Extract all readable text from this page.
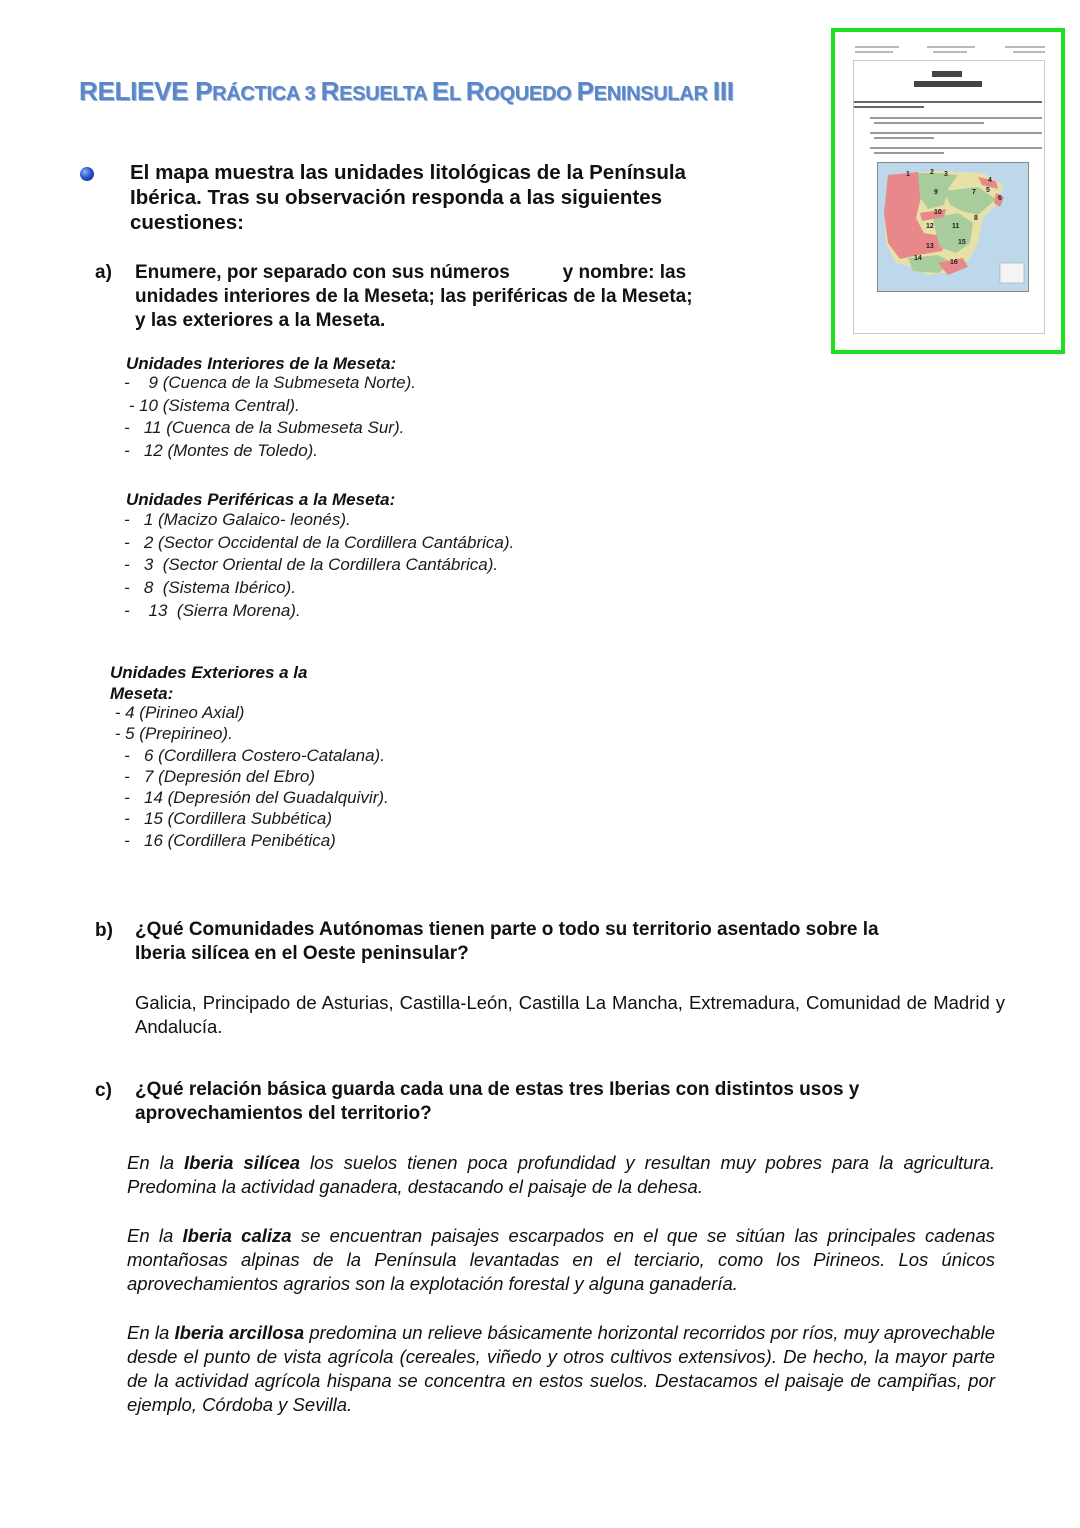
RELIEVE PRÁCTICA 3 RESUELTA EL ROQUEDO PENINSULAR III
1	2 3
4
5
6
7
8
9
10
11
12
13
14
15
16
El mapa muestra las unidades litológicas de la Península Ibérica. Tras su observación responda a las siguientes cuestiones:
a) Enumere, por separado con sus números          y nombre: las
unidades interiores de la Meseta; las periféricas de la Meseta;
y las exteriores a la Meseta.
Unidades Interiores de la Meseta:
-    9 (Cuenca de la Submeseta Norte).
- 10 (Sistema Central).
-   11 (Cuenca de la Submeseta Sur).
-   12 (Montes de Toledo).
Unidades Periféricas a la Meseta:
-   1 (Macizo Galaico- leonés).
-   2 (Sector Occidental de la Cordillera Cantábrica).
-   3  (Sector Oriental de la Cordillera Cantábrica).
-   8  (Sistema Ibérico).
-    13  (Sierra Morena).
Unidades Exteriores a la
Meseta:
- 4 (Pirineo Axial)
- 5 (Prepirineo).
-   6 (Cordillera Costero-Catalana).
-   7 (Depresión del Ebro)
-   14 (Depresión del Guadalquivir).
-   15 (Cordillera Subbética)
-   16 (Cordillera Penibética)
b) ¿Qué Comunidades Autónomas tienen parte o todo su territorio asentado sobre la
Iberia silícea en el Oeste peninsular?
Galicia, Principado de Asturias, Castilla-León, Castilla La Mancha, Extremadura, Comunidad de Madrid y Andalucía.
c) ¿Qué relación básica guarda cada una de estas tres Iberias con distintos usos y
aprovechamientos del territorio?
En la Iberia silícea los suelos tienen poca profundidad y resultan muy pobres para la agricultura. Predomina la actividad ganadera, destacando el paisaje de la dehesa.
En la Iberia caliza se encuentran paisajes escarpados en el que se sitúan las principales cadenas montañosas alpinas de la Península levantadas en el terciario, como los Pirineos. Los únicos aprovechamientos agrarios son la explotación forestal y alguna ganadería.
En la Iberia arcillosa predomina un relieve básicamente horizontal recorridos por ríos, muy aprovechable desde el punto de vista agrícola (cereales, viñedo y otros cultivos extensivos). De hecho, la mayor parte de la actividad agrícola hispana se concentra en estos suelos. Destacamos el paisaje de campiñas, por ejemplo, Córdoba y Sevilla.
